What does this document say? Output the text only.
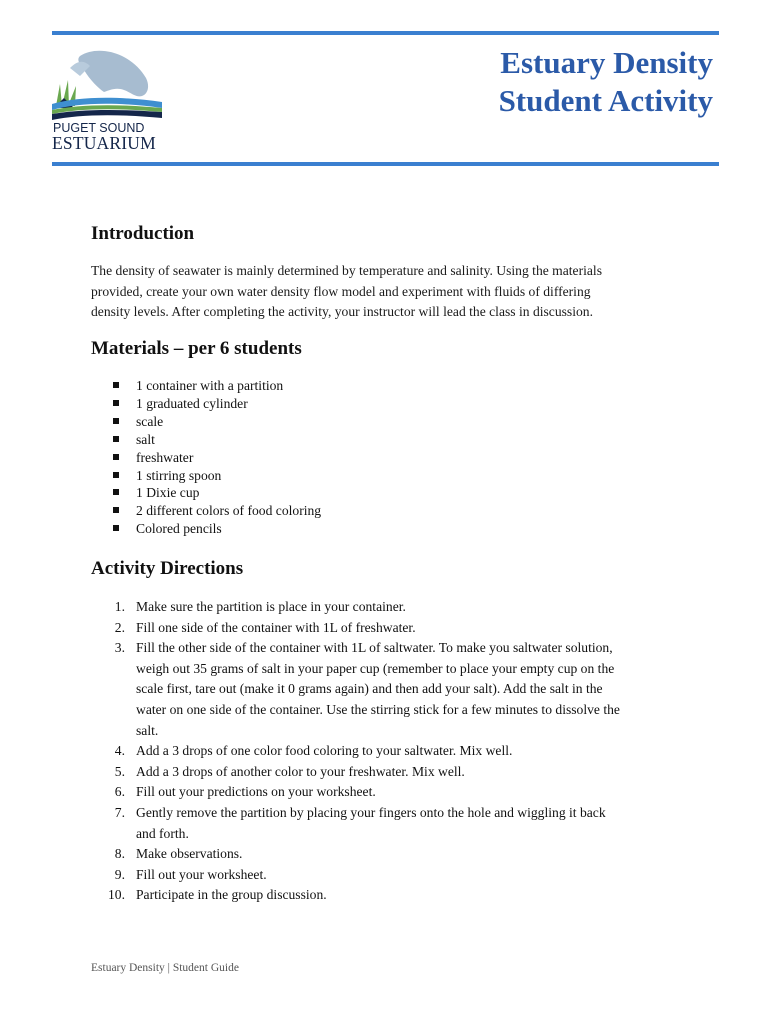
PUGET SOUND
ESTUARIUM
Estuary Density
Student Activity
Introduction
The density of seawater is mainly determined by temperature and salinity. Using the materials
provided, create your own water density flow model and experiment with fluids of differing
density levels. After completing the activity, your instructor will lead the class in discussion.
Materials – per 6 students
1 container with a partition
1 graduated cylinder
scale
salt
freshwater
1 stirring spoon
1 Dixie cup
2 different colors of food coloring
Colored pencils
Activity Directions
1. Make sure the partition is place in your container.
2. Fill one side of the container with 1L of freshwater.
3. Fill the other side of the container with 1L of saltwater. To make you saltwater solution,
weigh out 35 grams of salt in your paper cup (remember to place your empty cup on the
scale first, tare out (make it 0 grams again) and then add your salt). Add the salt in the
water on one side of the container. Use the stirring stick for a few minutes to dissolve the
salt.
4. Add a 3 drops of one color food coloring to your saltwater. Mix well.
5. Add a 3 drops of another color to your freshwater. Mix well.
6. Fill out your predictions on your worksheet.
7. Gently remove the partition by placing your fingers onto the hole and wiggling it back
and forth.
8. Make observations.
9. Fill out your worksheet.
10. Participate in the group discussion.
Estuary Density | Student Guide
